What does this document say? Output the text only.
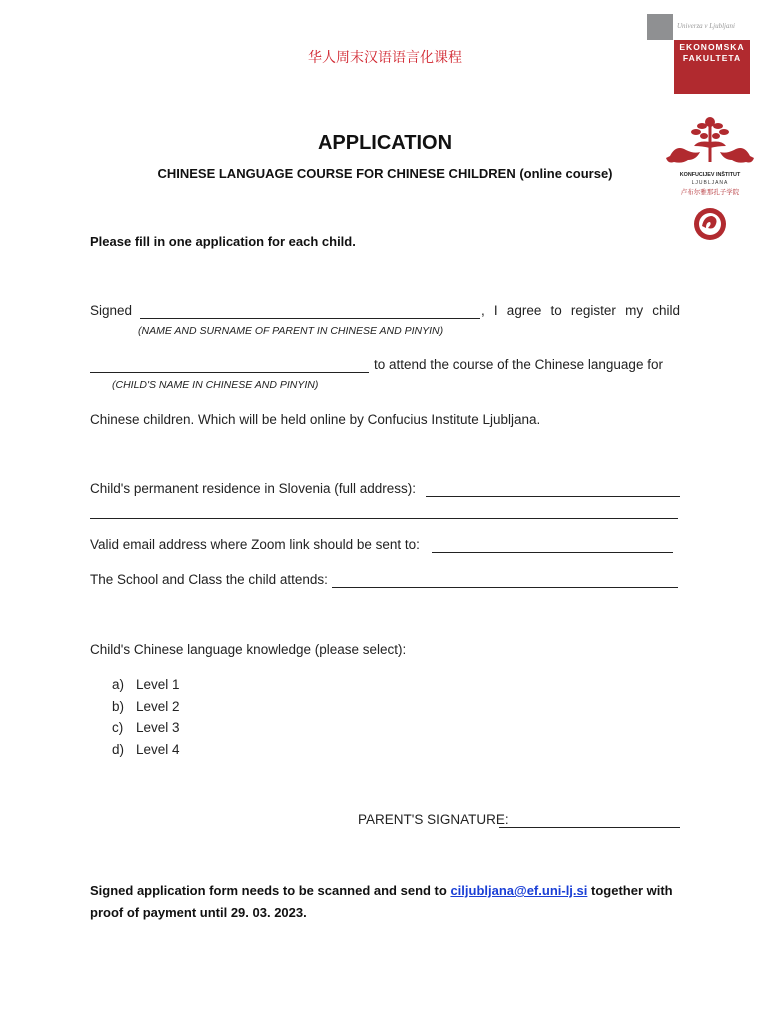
华人周末汉语语言化课程
Univerza v Ljubljani
EKONOMSKA
FAKULTETA
KONFUCIJEV INŠTITUT
LJUBLJANA
卢布尔雅那孔子学院
APPLICATION
CHINESE LANGUAGE COURSE FOR CHINESE CHILDREN (online course)
Please fill in one application for each child.
Signed	, I agree to register my child
(NAME AND SURNAME OF PARENT IN CHINESE AND PINYIN)
to attend the course of the Chinese language for
(CHILD'S NAME IN CHINESE AND PINYIN)
Chinese children. Which will be held online by Confucius Institute Ljubljana.
Child's permanent residence in Slovenia (full address):
Valid email address where Zoom link should be sent to:
The School and Class the child attends:
Child's Chinese language knowledge (please select):
a) Level 1
b) Level 2
c) Level 3
d) Level 4
PARENT'S SIGNATURE:
Signed application form needs to be scanned and send to ciljubljana@ef.uni-lj.si together with proof of payment until 29. 03. 2023.
